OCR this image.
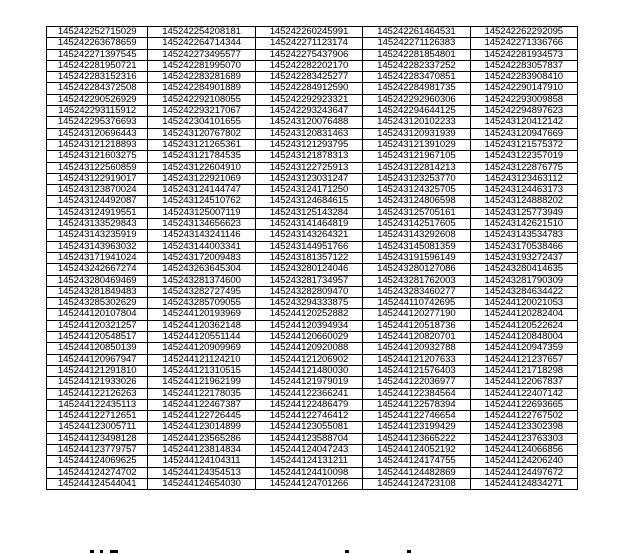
145242252715029	145242254208181	145242260245991	145242261464531	145242262292095
145242263678659	145242264714344	145242271123174	145242271126383	145242271336766
145242271397545	145242273495577	145242275437906	145242281854801	145242281934573
145242281950721	145242281995070	145242282202170	145242282337252	145242283057837
145242283152316	145242283281689	145242283425277	145242283470851	145242283908410
145242284372508	145242284901889	145242284912590	145242284981735	145242290147910
145242290526929	145242292108055	145242292923321	145242292960306	145242293009858
145242293115912	145242293217067	145242293243647	145242294644125	145242294897623
145242295376693	145242304101655	145243120076488	145243120102233	145243120412142
145243120696443	145243120767802	145243120831463	145243120931939	145243120947669
145243121218893	145243121265361	145243121293795	145243121391029	145243121575372
145243121603275	145243121784535	145243121878313	145243121967105	145243122357019
145243122560859	145243122604910	145243122725913	145243122814213	145243122876775
145243122919017	145243122921069	145243123031247	145243123253770	145243123463112
145243123870024	145243124144747	145243124171250	145243124325705	145243124463173
145243124492087	145243124510762	145243124684615	145243124806598	145243124888202
145243124919551	145243125007119	145243125143284	145243125705161	145243125773949
145243133529843	145243134656623	145243141464819	145243142517605	145243142621510
145243143235919	145243143241146	145243143264321	145243143292608	145243143534783
145243143963032	145243144003341	145243144951766	145243145081359	145243170538466
145243171941024	145243172009483	145243181357122	145243191596149	145243193272437
145243242667274	145243263645304	145243280124046	145243280127086	145243280414635
145243280469469	145243281374600	145243281734957	145243281762003	145243281790309
145243281849483	145243282727495	145243282809470	145243283460277	145243284634422
145243285302629	145243285709055	145243294333875	145244110742695	145244120021053
145244120107804	145244120193969	145244120252882	145244120277190	145244120282404
145244120321257	145244120362148	145244120394934	145244120518736	145244120522624
145244120548517	145244120551144	145244120660029	145244120820701	145244120848004
145244120850139	145244120909969	145244120920088	145244120932788	145244120947359
145244120967947	145244121124210	145244121206902	145244121207633	145244121237657
145244121291810	145244121310515	145244121480030	145244121576403	145244121718298
145244121933026	145244121962199	145244121979019	145244122036977	145244122067837
145244122126263	145244122178035	145244122366241	145244122384564	145244122407142
145244122435113	145244122467387	145244122486479	145244122578394	145244122693665
145244122712651	145244122726445	145244122746412	145244122746654	145244122767502
145244123005711	145244123014899	145244123055081	145244123199429	145244123302398
145244123498128	145244123565286	145244123588704	145244123665222	145244123763303
145244123779757	145244123814834	145244124047243	145244124052192	145244124066856
145244124069625	145244124104311	145244124131211	145244124174755	145244124206240
145244124274702	145244124354513	145244124410098	145244124482869	145244124497672
145244124544041	145244124654030	145244124701266	145244124723108	145244124834271
